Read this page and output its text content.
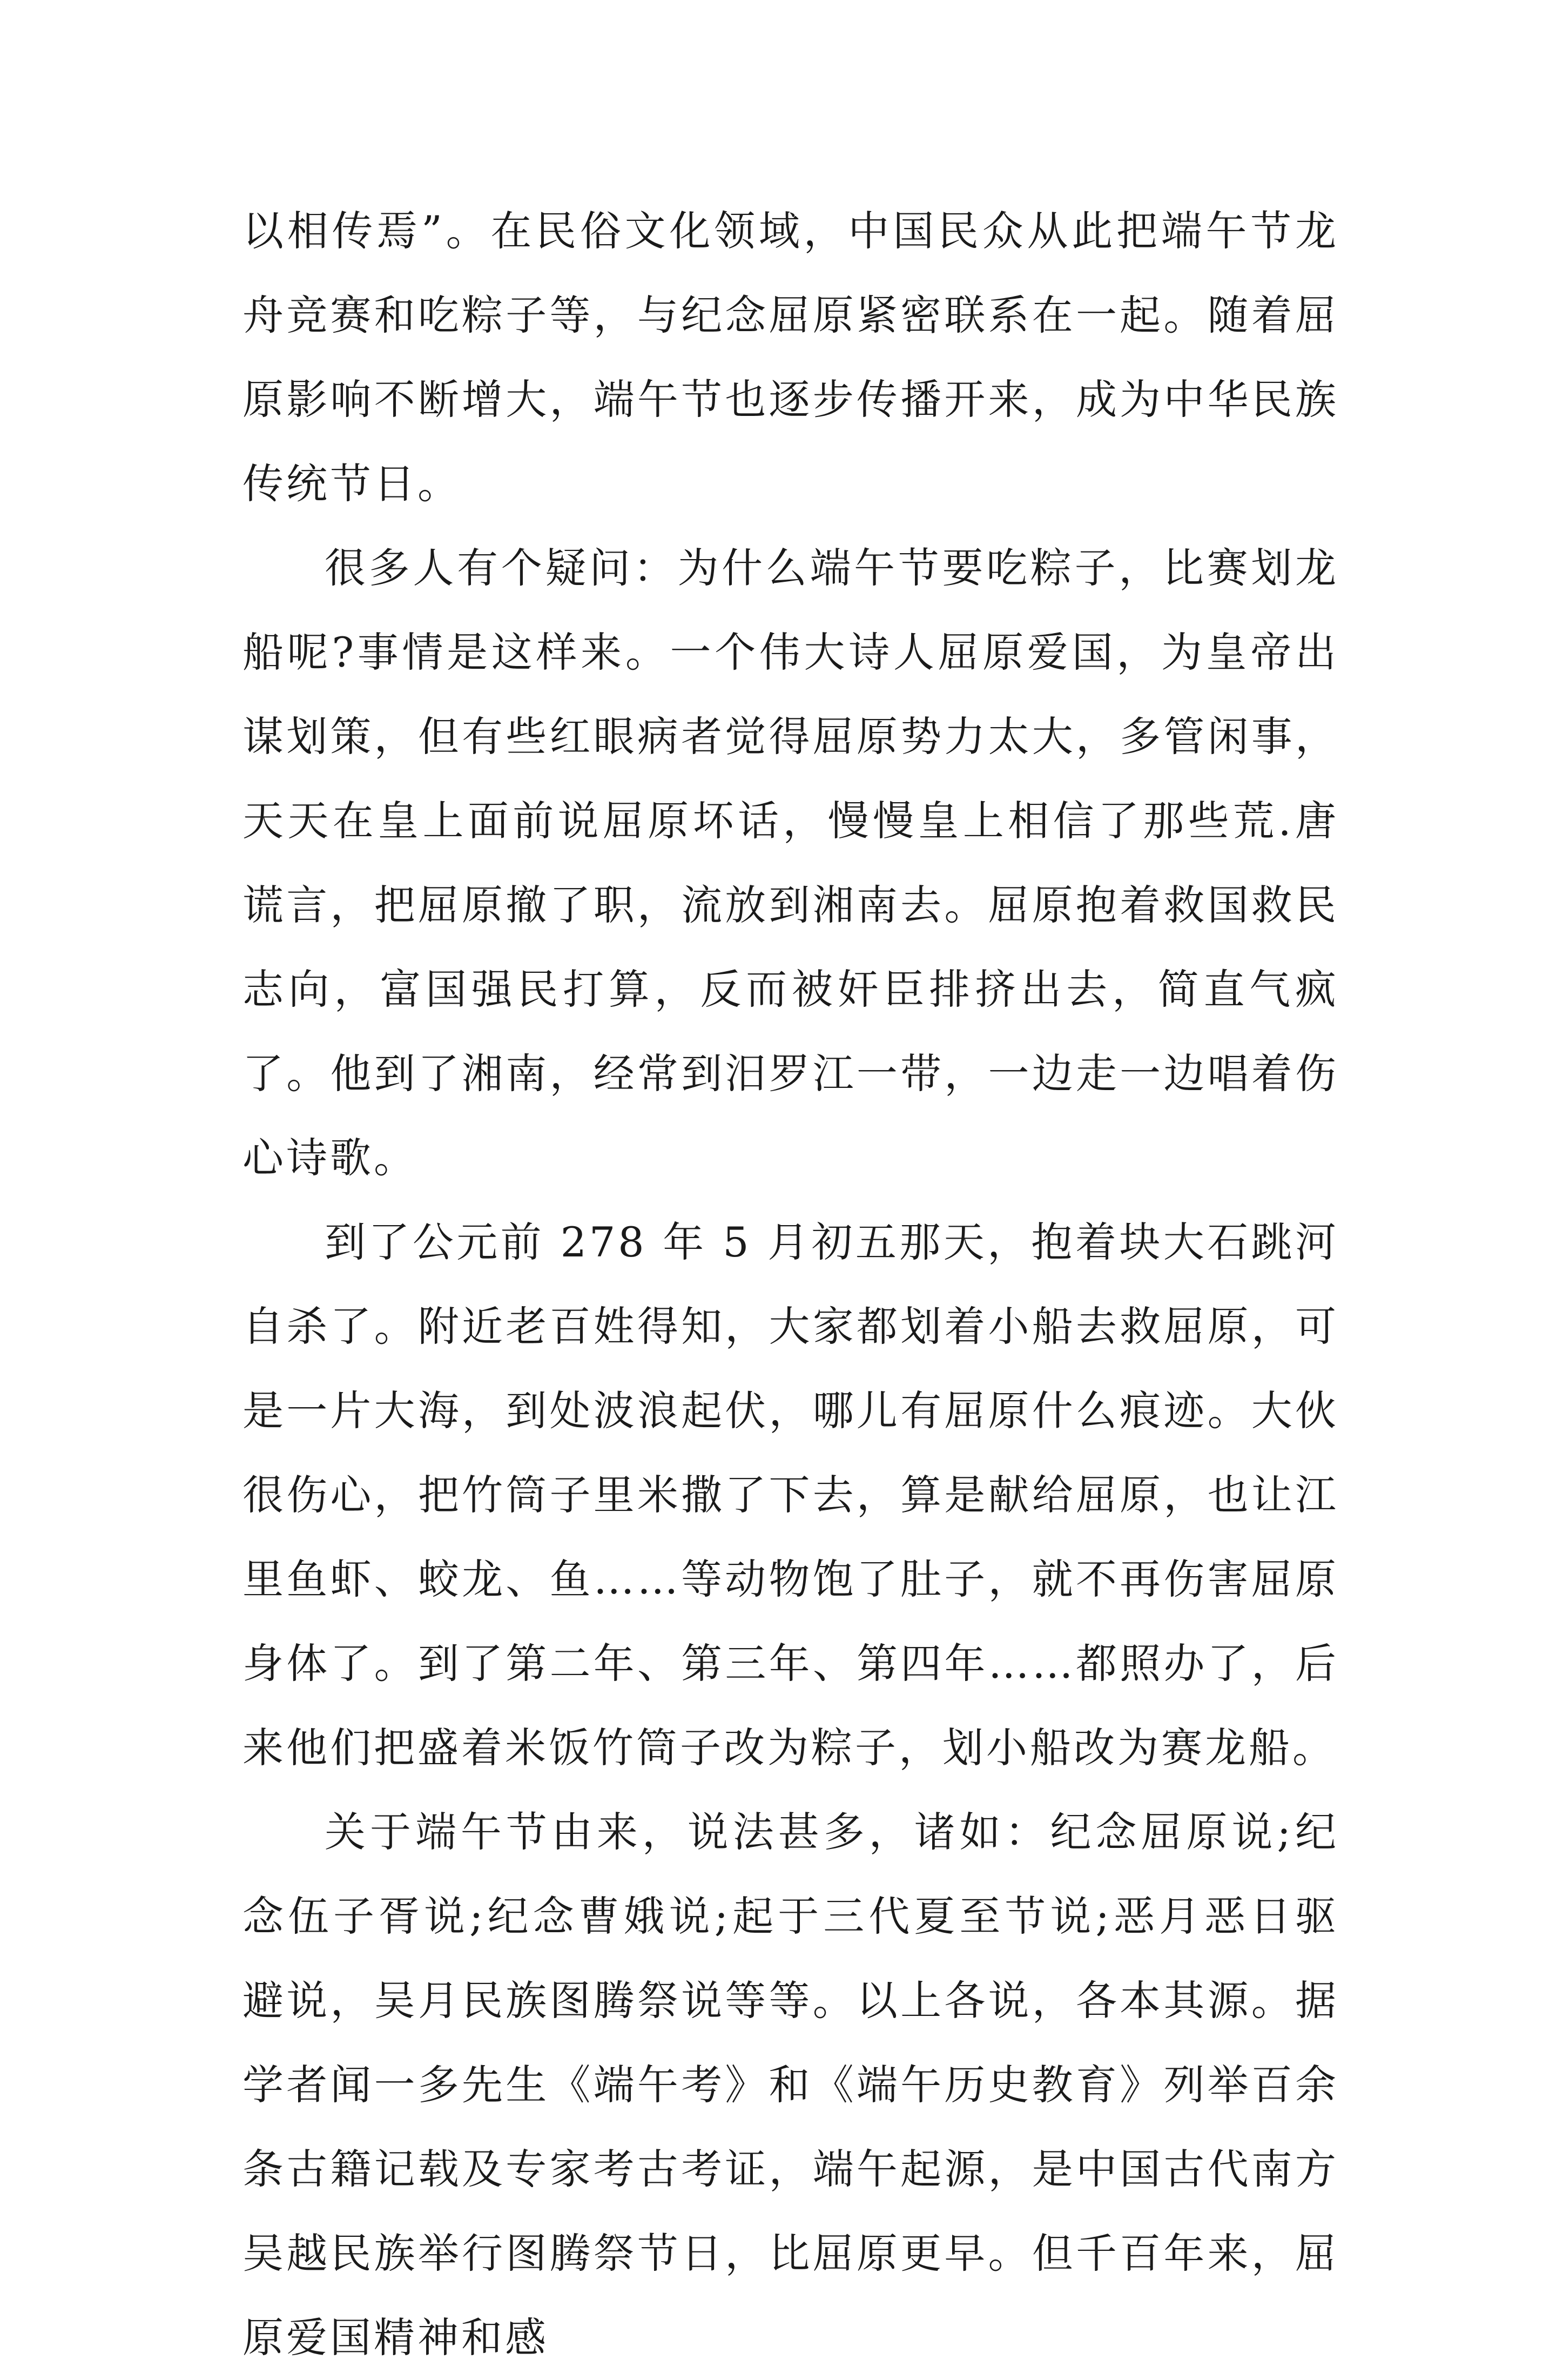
以相传焉”。在民俗文化领域，中国民众从此把端午节龙舟竞赛和吃粽子等，与纪念屈原紧密联系在一起。随着屈原影响不断增大，端午节也逐步传播开来，成为中华民族传统节日。

很多人有个疑问：为什么端午节要吃粽子，比赛划龙船呢?事情是这样来。一个伟大诗人屈原爱国，为皇帝出谋划策，但有些红眼病者觉得屈原势力太大，多管闲事，天天在皇上面前说屈原坏话，慢慢皇上相信了那些荒.唐谎言，把屈原撤了职，流放到湘南去。屈原抱着救国救民志向，富国强民打算，反而被奸臣排挤出去，简直气疯了。他到了湘南，经常到汨罗江一带，一边走一边唱着伤心诗歌。

到了公元前 278 年 5 月初五那天，抱着块大石跳河自杀了。附近老百姓得知，大家都划着小船去救屈原，可是一片大海，到处波浪起伏，哪儿有屈原什么痕迹。大伙很伤心，把竹筒子里米撒了下去，算是献给屈原，也让江里鱼虾、蛟龙、鱼……等动物饱了肚子，就不再伤害屈原身体了。到了第二年、第三年、第四年……都照办了，后来他们把盛着米饭竹筒子改为粽子，划小船改为赛龙船。

关于端午节由来，说法甚多，诸如：纪念屈原说;纪念伍子胥说;纪念曹娥说;起于三代夏至节说;恶月恶日驱避说，吴月民族图腾祭说等等。以上各说，各本其源。据学者闻一多先生《端午考》和《端午历史教育》列举百余条古籍记载及专家考古考证，端午起源，是中国古代南方吴越民族举行图腾祭节日，比屈原更早。但千百年来，屈原爱国精神和感
